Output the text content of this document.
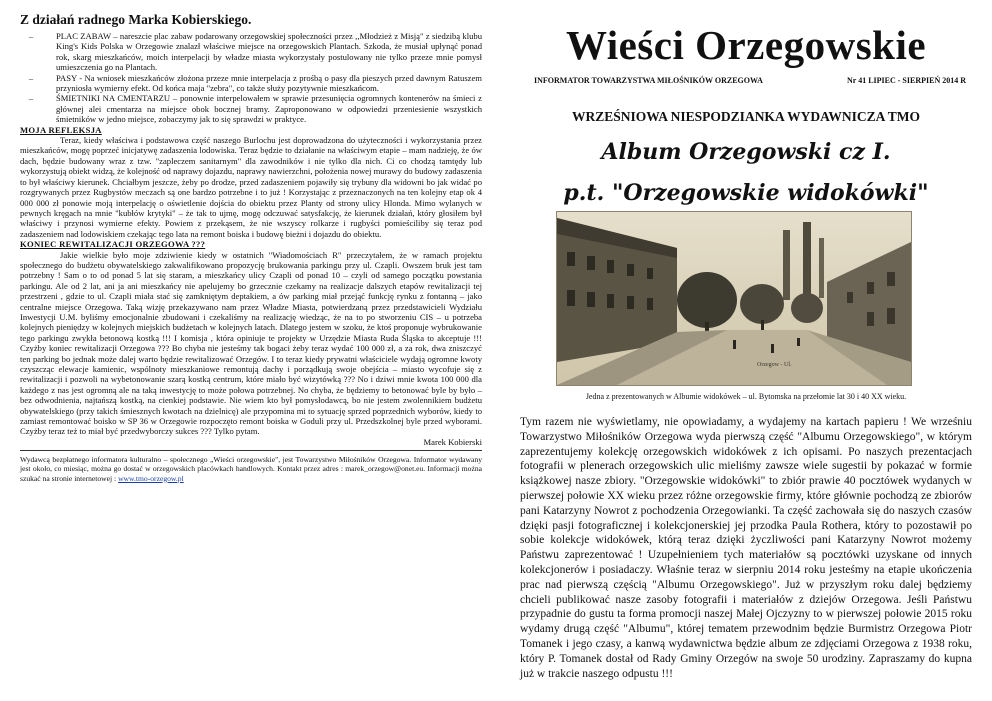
Z działań radnego Marka Kobierskiego.
–	PLAC ZABAW – nareszcie plac zabaw podarowany orzegowskiej społeczności przez ,,Młodzież z Misją" z siedzibą klubu King's Kids Polska w Orzegowie znalazł właściwe miejsce na orzegowskich Plantach. Szkoda, że musiał upłynąć ponad rok, skarg mieszkańców, moich interpelacji by władze miasta wykorzystały postulowany nie tylko przeze mnie pomysł umieszczenia go na Plantach.
–	PASY - Na wniosek mieszkańców złożona przeze mnie interpelacja z prośbą o pasy dla pieszych przed dawnym Ratuszem przyniosła wymierny efekt. Od końca maja "zebra", co także służy pozytywnie mieszkańcom.
–	ŚMIETNIKI NA CMENTARZU – ponownie interpelowałem w sprawie przesunięcia ogromnych kontenerów na śmieci z głównej alei cmentarza na miejsce obok bocznej bramy. Zaproponowano w odpowiedzi przeniesienie wszystkich śmietników w jedno miejsce, zobaczymy jak to się sprawdzi w praktyce.
MOJA REFLEKSJA

Teraz, kiedy właściwa i podstawowa część naszego Burlochu jest doprowadzona do użyteczności i wykorzystania przez mieszkańców, mogę poprzeć inicjatywę zadaszenia lodowiska. Teraz będzie to działanie na właściwym etapie – mam nadzieję, że ów dach, będzie budowany wraz z tzw. "zapleczem sanitarnym" dla zawodników i nie tylko dla nich. Ci co chodzą tamtędy lub wykorzystują obiekt widzą, że kolejność od naprawy dojazdu, naprawy nawierzchni, położenia nowej murawy do budowy zadaszenia to był właściwy kierunek. Chciałbym jeszcze, żeby po drodze, przed zadaszeniem pojawiły się trybuny dla widowni bo jak widać po rozgrywanych przez Rugbystów meczach są one bardzo potrzebne i to już ! Korzystając z przeznaczonych na ten kolejny etap ok 4 000 000 zł ponowie moją interpelację o oświetlenie dojścia do obiektu przez Planty od strony ulicy Hlonda. Mimo wylanych w pewnych kręgach na mnie "kubłów krytyki" – że tak to ujmę, mogę odczuwać satysfakcję, że kierunek działań, który głosiłem był właściwy i przynosi wymierne efekty. Powiem z przekąsem, że nie wszyscy rolkarze i rugbyści pomieściliby się teraz pod zadaszeniem nad lodowiskiem czekając tego lata na remont boiska i budowę bieżni i dojazdu do obiektu.

KONIEC REWITALIZACJI ORZEGOWA ???

Jakie wielkie było moje zdziwienie kiedy w ostatnich "Wiadomościach R" przeczytałem, że w ramach projektu społecznego do budżetu obywatelskiego zakwalifikowano propozycję brukowania parkingu przy ul. Czapli. Owszem bruk jest tam potrzebny ! Sam o to od ponad 5 lat się staram, a mieszkańcy ulicy Czapli od ponad 10 – czyli od samego początku powstania parkingu. Ale od 2 lat, ani ja ani mieszkańcy nie apelujemy bo grzecznie czekamy na realizacje dalszych etapów rewitalizacji tej przestrzeni , gdzie to ul. Czapli miała stać się zamkniętym deptakiem, a ów parking miał przejąć funkcję rynku z fontanną – jako centralne miejsce Orzegowa. Taką wizję przekazywano nam przez Władze Miasta, potwierdzaną przez przedstawicieli Wydziału Inwestycji U.M. byliśmy emocjonalnie zbudowani i czekaliśmy na realizację wiedząc, że na to po stworzeniu CIS – u potrzeba kolejnych pieniędzy w kolejnych miejskich budżetach w kolejnych latach. Dlatego jestem w szoku, że ktoś proponuje wybrukowanie tego parkingu zwykła betonową kostką !!! I komisja , która opiniuje te projekty w Urzędzie Miasta Ruda Śląska to akceptuje !!! Czyżby koniec rewitalizacji Orzegowa ??? Bo chyba nie jesteśmy tak bogaci żeby teraz wydać 100 000 zł, a za rok, dwa zniszczyć ten parking bo jednak może dalej warto będzie rewitalizować Orzegów. I to teraz kiedy prywatni właściciele wydają ogromne kwoty czyszcząc elewacje kamienic, wspólnoty mieszkaniowe remontują dachy i porządkują swoje obejścia – miasto wycofuje się z rewitalizacji i pozwoli na wybetonowanie szarą kostką centrum, które miało być wizytówką ??? No i dziwi mnie kwota 100 000 dla każdego z nas jest ogromną ale na taką inwestycję to może połowa potrzebnej. No chyba, że będziemy to betonować byle by było – bez odwodnienia, najtańszą kostką, na cienkiej podstawie. Nie wiem kto był pomysłodawcą, bo nie jestem zwolennikiem budżetu obywatelskiego (przy takich śmiesznych kwotach na dzielnicę) ale przypomina mi to sytuację sprzed poprzednich wyborów, kiedy to zamiast remontować boisko w SP 36 w Orzegowie rozpoczęto remont boiska w Goduli przy ul. Przedszkolnej byle przed wyborami. Czyżby teraz też to miał być przedwyborczy sukces ??? Tylko pytam.

Marek Kobierski
Wydawcą bezpłatnego informatora kulturalno – społecznego „Wieści orzegowskie", jest Towarzystwo Miłośników Orzegowa. Informator wydawany jest około, co miesiąc, można go dostać w orzegowskich placówkach handlowych. Kontakt przez adres : marek_orzegow@onet.eu. Informacji można szukać na stronie internetowej : www.tmo-orzegow.pl
Wieści Orzegowskie
INFORMATOR TOWARZYSTWA MIŁOŚNIKÓW ORZEGOWA	Nr 41 LIPIEC - SIERPIEŃ 2014 R
WRZEŚNIOWA NIESPODZIANKA WYDAWNICZA TMO
Album Orzegowski cz I.
p.t. "Orzegowskie widokówki"
Orzegow - Ul.
Jedna z prezentowanych w Albumie widokówek – ul. Bytomska na przełomie lat 30 i 40 XX wieku.

Tym razem nie wyświetlamy, nie opowiadamy, a wydajemy na kartach papieru ! We wrześniu Towarzystwo Miłośników Orzegowa wyda pierwszą część "Albumu Orzegowskiego", w którym zaprezentujemy kolekcję orzegowskich widokówek z ich opisami. Po naszych prezentacjach fotografii w plenerach orzegowskich ulic mieliśmy zawsze wiele sugestii by pokazać w formie książkowej nasze zbiory. "Orzegowskie widokówki" to zbiór prawie 40 pocztówek wydanych w pierwszej połowie XX wieku przez różne orzegowskie firmy, które głównie pochodzą ze zbiorów pani Katarzyny Nowrot z pochodzenia Orzegowianki. Ta część zachowała się do naszych czasów dzięki pasji fotograficznej i kolekcjonerskiej jej przodka Paula Rothera, który to pozostawił po sobie kolekcje widokówek, którą teraz dzięki życzliwości pani Katarzyny Nowrot możemy Państwu zaprezentować ! Uzupełnieniem tych materiałów są pocztówki uzyskane od innych kolekcjonerów i posiadaczy. Właśnie teraz w sierpniu 2014 roku jesteśmy na etapie ukończenia prac nad pierwszą częścią "Albumu Orzegowskiego". Już w przyszłym roku dalej będziemy chcieli publikować nasze zasoby fotografii i materiałów z dziejów Orzegowa. Jeśli Państwu przypadnie do gustu ta forma promocji naszej Małej Ojczyzny to w pierwszej połowie 2015 roku wydamy drugą część "Albumu", której tematem przewodnim będzie Burmistrz Orzegowa Piotr Tomanek i jego czasy, a kanwą wydawnictwa będzie album ze zdjęciami Orzegowa z 1938 roku, który P. Tomanek dostał od Rady Gminy Orzegów na swoje 50 urodziny. Zapraszamy do kupna już w trakcie naszego odpustu !!!
